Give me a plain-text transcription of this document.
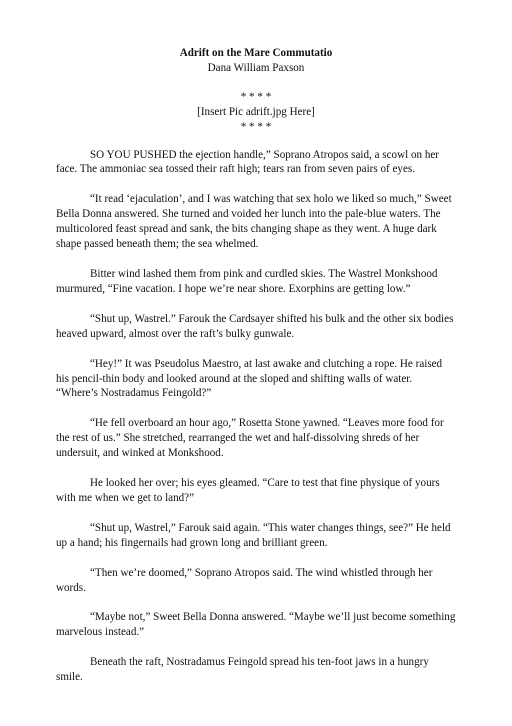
Adrift on the Mare Commutatio

Dana William Paxson

* * * *

[Insert Pic adrift.jpg Here]

* * * *

SO YOU PUSHED the ejection handle,” Soprano Atropos said, a scowl on her face. The ammoniac sea tossed their raft high; tears ran from seven pairs of eyes.

“It read ‘ejaculation’, and I was watching that sex holo we liked so much,” Sweet Bella Donna answered. She turned and voided her lunch into the pale-blue waters. The multicolored feast spread and sank, the bits changing shape as they went. A huge dark shape passed beneath them; the sea whelmed.

Bitter wind lashed them from pink and curdled skies. The Wastrel Monkshood murmured, “Fine vacation. I hope we’re near shore. Exorphins are getting low.”

“Shut up, Wastrel.” Farouk the Cardsayer shifted his bulk and the other six bodies heaved upward, almost over the raft’s bulky gunwale.

“Hey!” It was Pseudolus Maestro, at last awake and clutching a rope. He raised his pencil-thin body and looked around at the sloped and shifting walls of water. “Where’s Nostradamus Feingold?”

“He fell overboard an hour ago,” Rosetta Stone yawned. “Leaves more food for the rest of us.” She stretched, rearranged the wet and half-dissolving shreds of her undersuit, and winked at Monkshood.

He looked her over; his eyes gleamed. “Care to test that fine physique of yours with me when we get to land?”

“Shut up, Wastrel,” Farouk said again. “This water changes things, see?” He held up a hand; his fingernails had grown long and brilliant green.

“Then we’re doomed,” Soprano Atropos said. The wind whistled through her words.

“Maybe not,” Sweet Bella Donna answered. “Maybe we’ll just become something marvelous instead.”

Beneath the raft, Nostradamus Feingold spread his ten-foot jaws in a hungry smile.
